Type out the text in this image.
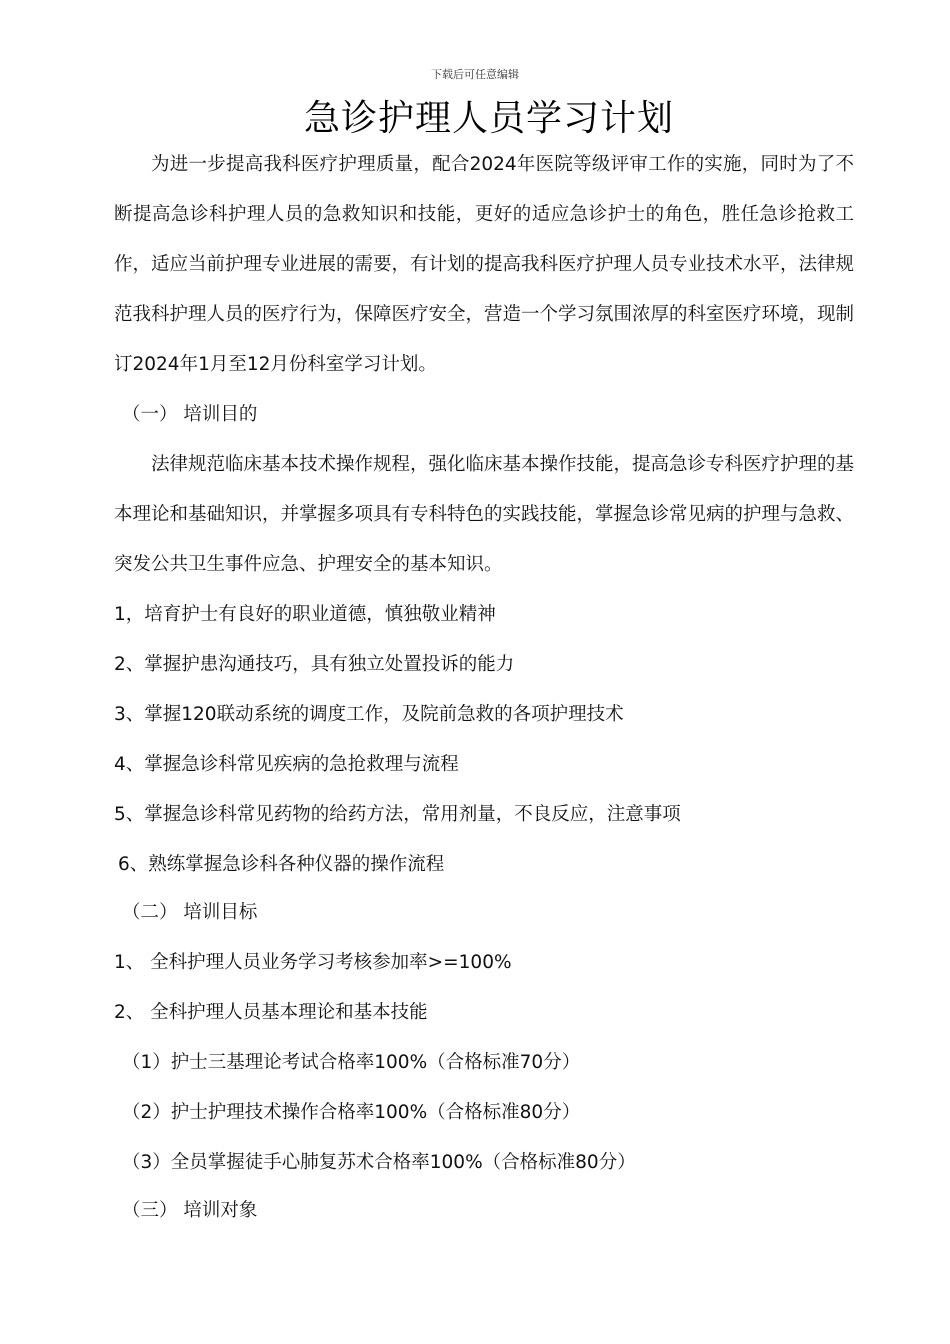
下载后可任意编辑
急诊护理人员学习计划

为进一步提高我科医疗护理质量，配合2024年医院等级评审工作的实施，同时为了不断提高急诊科护理人员的急救知识和技能，更好的适应急诊护士的角色，胜任急诊抢救工作，适应当前护理专业进展的需要，有计划的提高我科医疗护理人员专业技术水平，法律规范我科护理人员的医疗行为，保障医疗安全，营造一个学习氛围浓厚的科室医疗环境，现制订2024年1月至12月份科室学习计划。

（一） 培训目的

法律规范临床基本技术操作规程，强化临床基本操作技能，提高急诊专科医疗护理的基本理论和基础知识，并掌握多项具有专科特色的实践技能，掌握急诊常见病的护理与急救、突发公共卫生事件应急、护理安全的基本知识。

1，培育护士有良好的职业道德，慎独敬业精神

2、掌握护患沟通技巧，具有独立处置投诉的能力

3、掌握120联动系统的调度工作，及院前急救的各项护理技术

4、掌握急诊科常见疾病的急抢救理与流程

5、掌握急诊科常见药物的给药方法，常用剂量，不良反应，注意事项

6、熟练掌握急诊科各种仪器的操作流程

（二） 培训目标

1、 全科护理人员业务学习考核参加率>=100%

2、 全科护理人员基本理论和基本技能

（1）护士三基理论考试合格率100%（合格标准70分）

（2）护士护理技术操作合格率100%（合格标准80分）

（3）全员掌握徒手心肺复苏术合格率100%（合格标准80分）

（三） 培训对象
